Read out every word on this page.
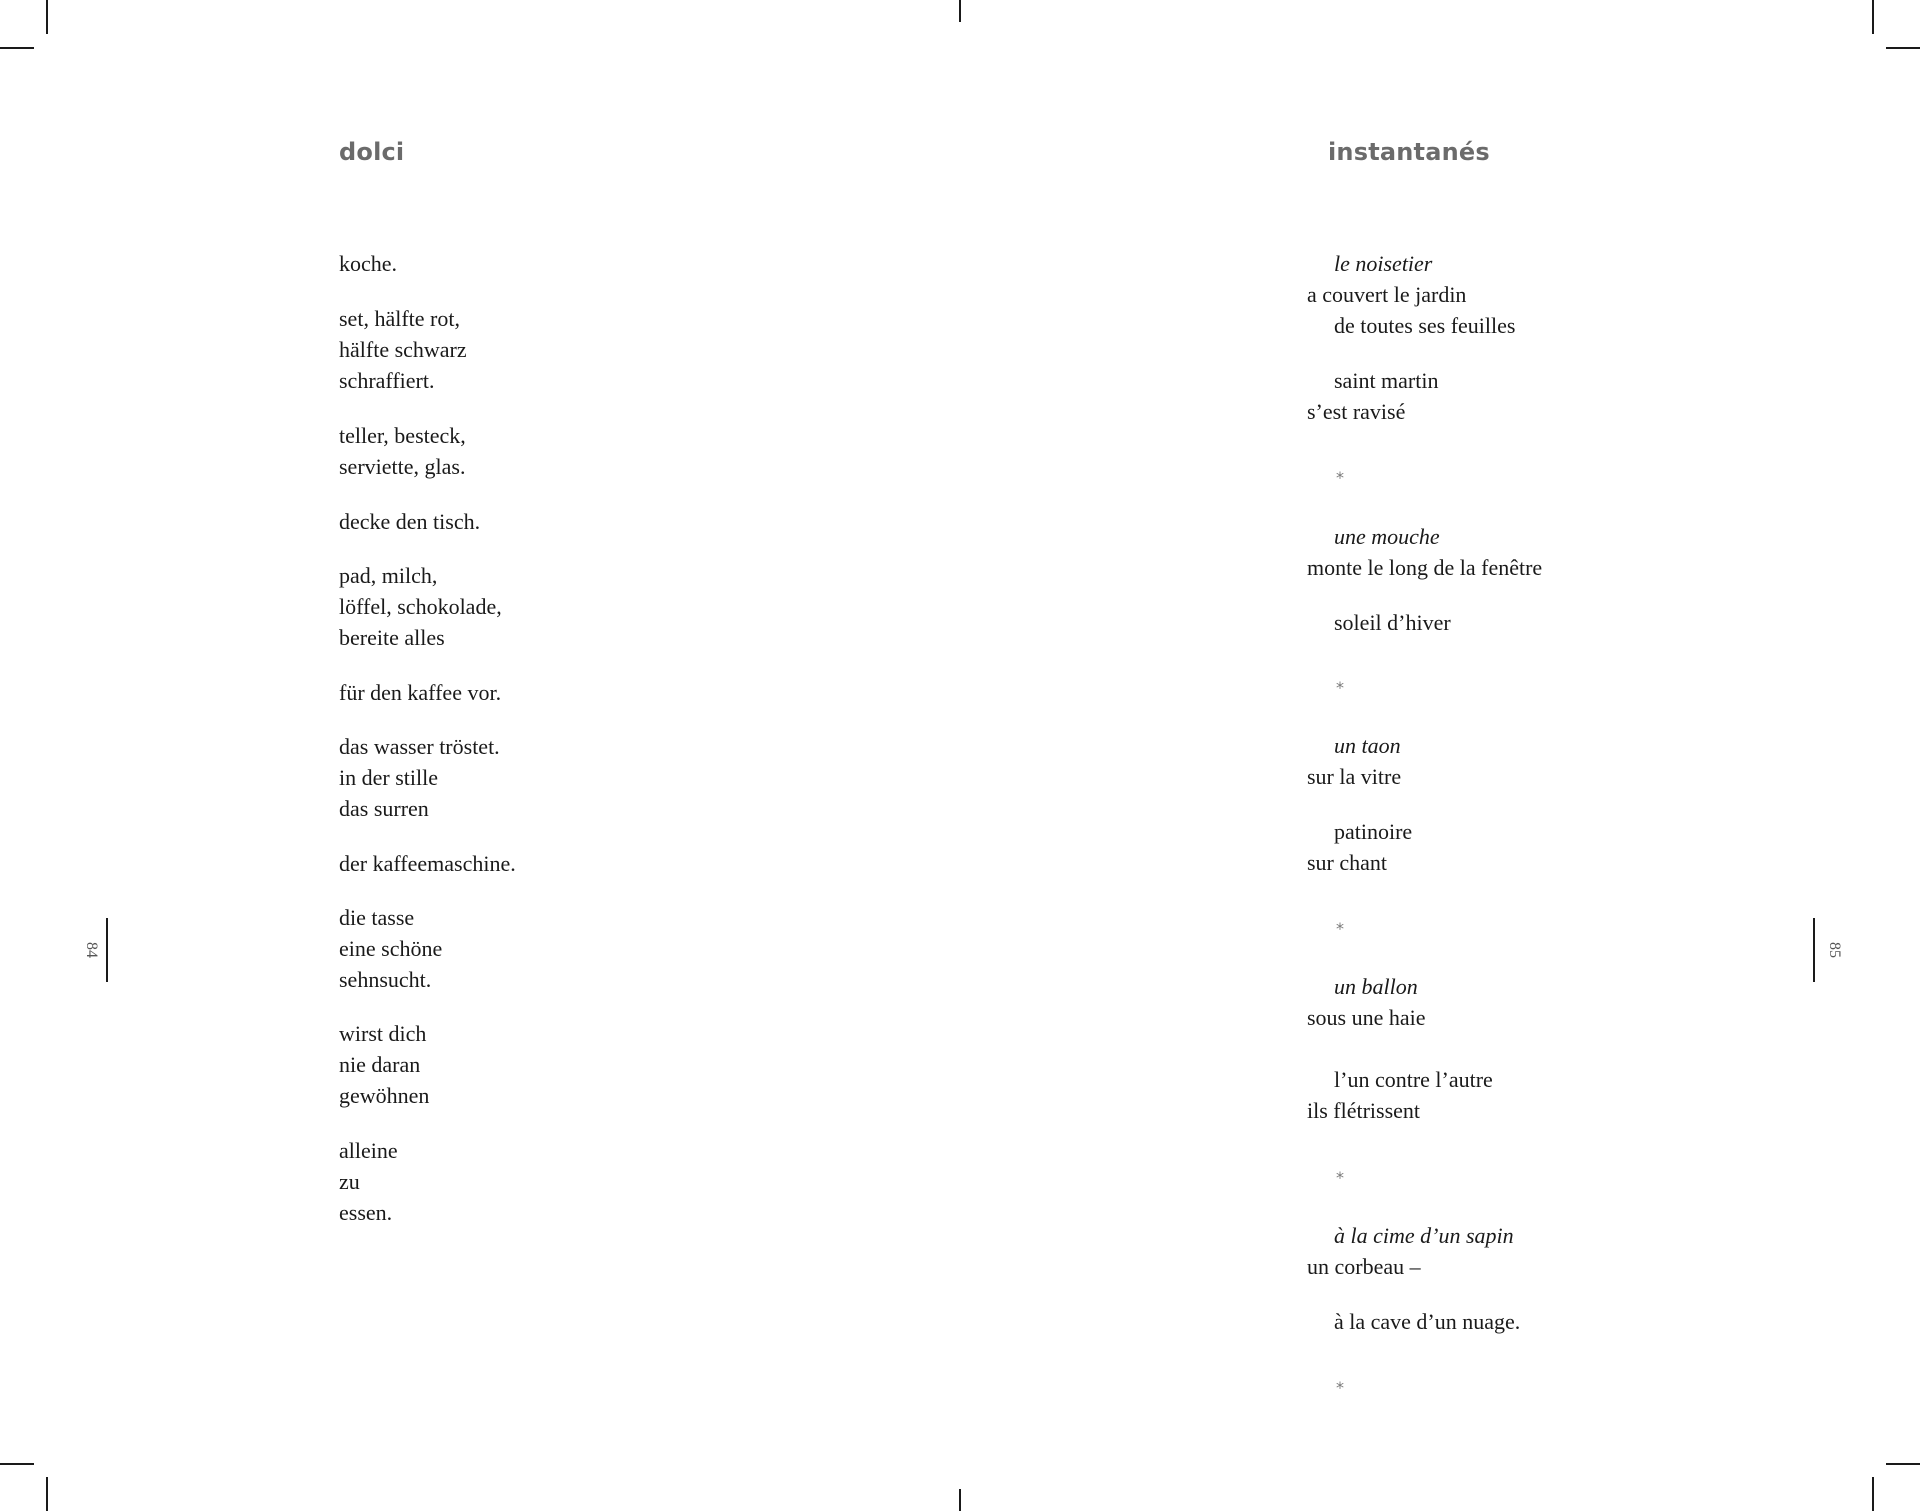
dolci	instantanés
84	85
koche.
set, hälfte rot,
hälfte schwarz
schraffiert.
teller, besteck,
serviette, glas.
decke den tisch.
pad, milch,
löffel, schokolade,
bereite alles
für den kaffee vor.
das wasser tröstet.
in der stille
das surren
der kaffeemaschine.
die tasse
eine schöne
sehnsucht.
wirst dich
nie daran
gewöhnen
alleine
zu
essen.
le noisetier
a couvert le jardin
de toutes ses feuilles
saint martin
s’est ravisé
*
une mouche
monte le long de la fenêtre
soleil d’hiver
*
un taon
sur la vitre
patinoire
sur chant
*
un ballon
sous une haie
l’un contre l’autre
ils flétrissent
*
à la cime d’un sapin
un corbeau –
à la cave d’un nuage.
*
